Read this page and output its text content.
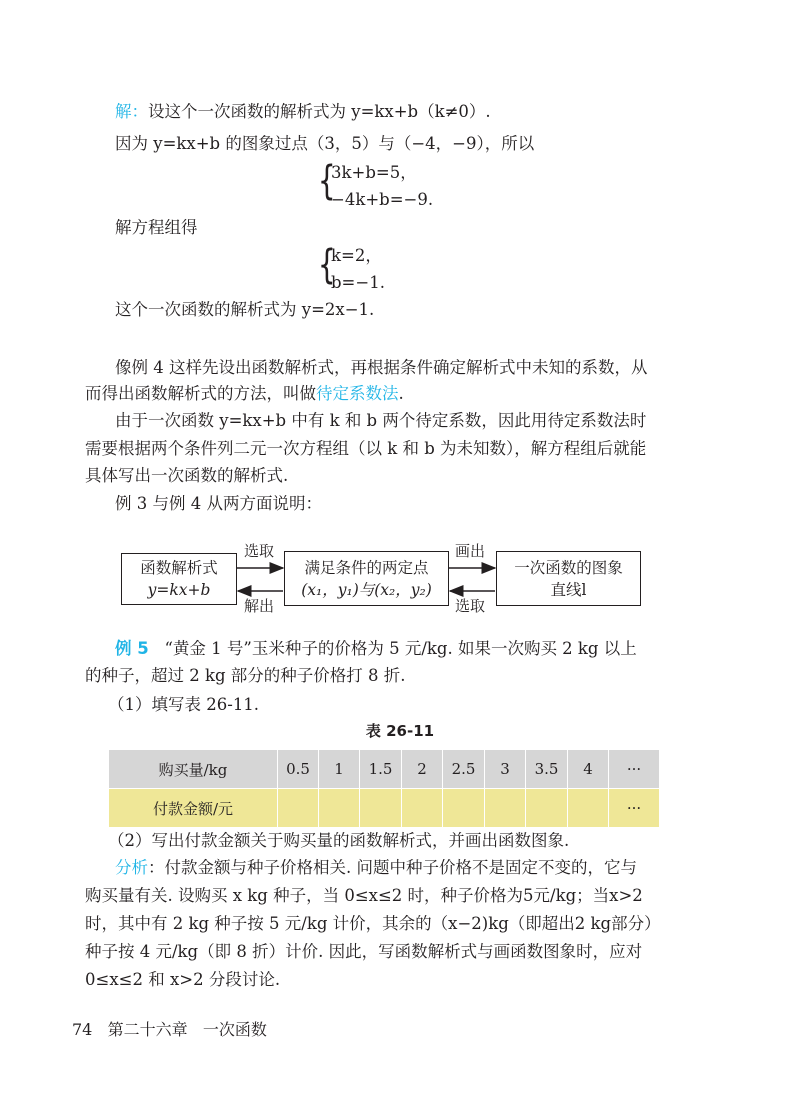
解：设这个一次函数的解析式为 y=kx+b（k≠0）.
因为 y=kx+b 的图象过点（3，5）与（−4，−9），所以
{
3k+b=5，
−4k+b=−9.
解方程组得
{
k=2，
b=−1.
这个一次函数的解析式为 y=2x−1.
像例 4 这样先设出函数解析式，再根据条件确定解析式中未知的系数，从
而得出函数解析式的方法，叫做待定系数法.
由于一次函数 y=kx+b 中有 k 和 b 两个待定系数，因此用待定系数法时
需要根据两个条件列二元一次方程组（以 k 和 b 为未知数），解方程组后就能
具体写出一次函数的解析式.
例 3 与例 4 从两方面说明：
函数解析式
y=kx+b
满足条件的两定点
(x₁，y₁)与(x₂，y₂)
一次函数的图象
直线l
选取
解出
画出
选取
例 5 “黄金 1 号”玉米种子的价格为 5 元/kg. 如果一次购买 2 kg 以上
的种子，超过 2 kg 部分的种子价格打 8 折.
（1）填写表 26-11.
表 26-11
购买量/kg	0.5	1	1.5	2	2.5	3	3.5	4	···
付款金额/元									···
（2）写出付款金额关于购买量的函数解析式，并画出函数图象.
分析：付款金额与种子价格相关. 问题中种子价格不是固定不变的，它与
购买量有关. 设购买 x kg 种子，当 0≤x≤2 时，种子价格为5元/kg；当x>2
时，其中有 2 kg 种子按 5 元/kg 计价，其余的（x−2)kg（即超出2 kg部分）
种子按 4 元/kg（即 8 折）计价. 因此，写函数解析式与画函数图象时，应对
0≤x≤2 和 x>2 分段讨论.
74 第二十六章 一次函数
